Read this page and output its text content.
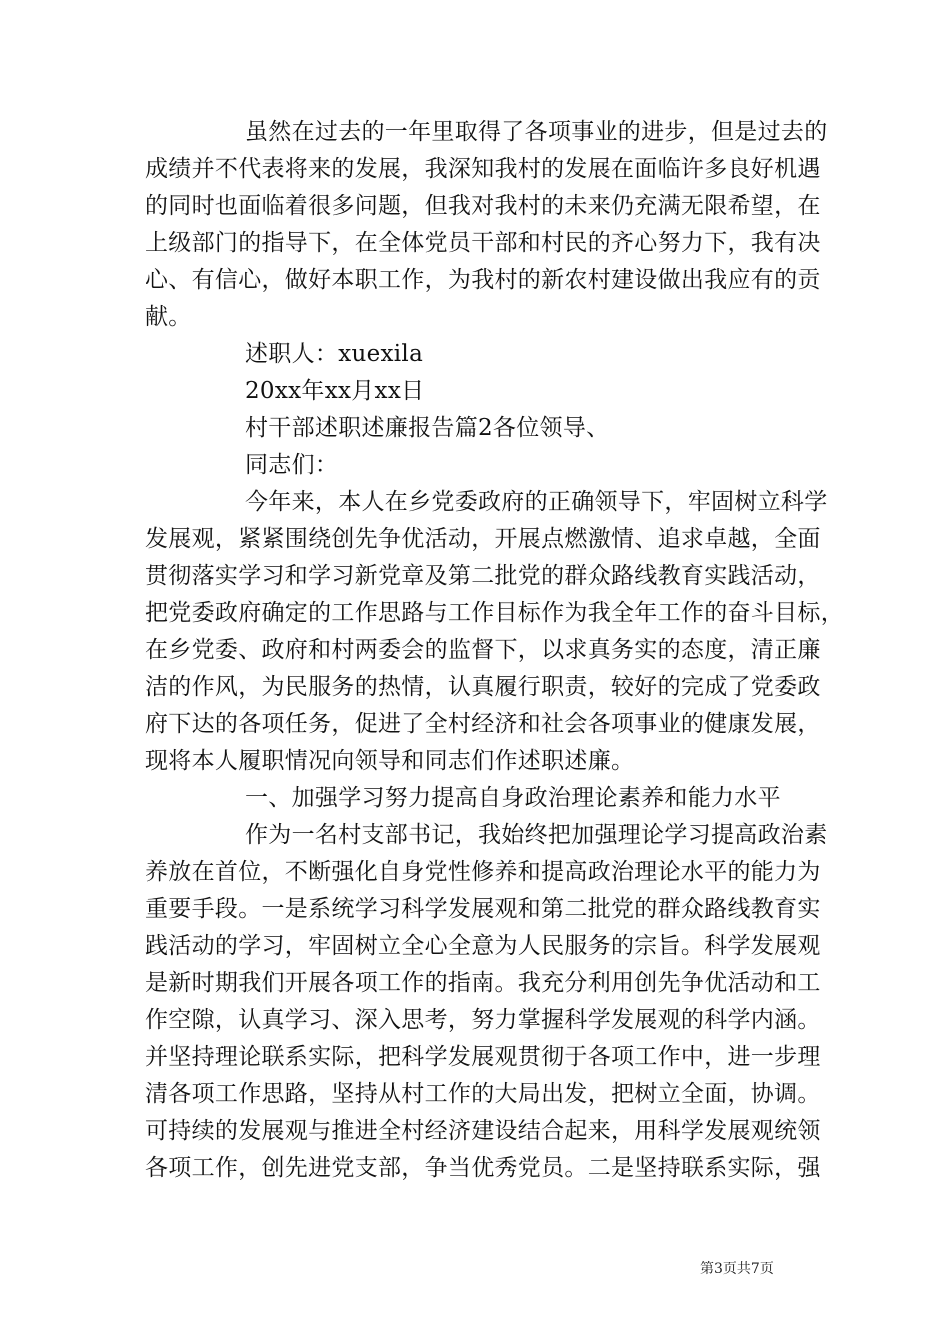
虽然在过去的一年里取得了各项事业的进步，但是过去的
成绩并不代表将来的发展，我深知我村的发展在面临许多良好机遇
的同时也面临着很多问题，但我对我村的未来仍充满无限希望，在
上级部门的指导下，在全体党员干部和村民的齐心努力下，我有决
心、有信心，做好本职工作，为我村的新农村建设做出我应有的贡
献。
述职人：xuexila
20xx年xx月xx日
村干部述职述廉报告篇2各位领导、
同志们：
今年来，本人在乡党委政府的正确领导下，牢固树立科学
发展观，紧紧围绕创先争优活动，开展点燃激情、追求卓越，全面
贯彻落实学习和学习新党章及第二批党的群众路线教育实践活动，
把党委政府确定的工作思路与工作目标作为我全年工作的奋斗目标，
在乡党委、政府和村两委会的监督下，以求真务实的态度，清正廉
洁的作风，为民服务的热情，认真履行职责，较好的完成了党委政
府下达的各项任务，促进了全村经济和社会各项事业的健康发展，
现将本人履职情况向领导和同志们作述职述廉。
一、加强学习努力提高自身政治理论素养和能力水平
作为一名村支部书记，我始终把加强理论学习提高政治素
养放在首位，不断强化自身党性修养和提高政治理论水平的能力为
重要手段。一是系统学习科学发展观和第二批党的群众路线教育实
践活动的学习，牢固树立全心全意为人民服务的宗旨。科学发展观
是新时期我们开展各项工作的指南。我充分利用创先争优活动和工
作空隙，认真学习、深入思考，努力掌握科学发展观的科学内涵。
并坚持理论联系实际，把科学发展观贯彻于各项工作中，进一步理
清各项工作思路，坚持从村工作的大局出发，把树立全面，协调。
可持续的发展观与推进全村经济建设结合起来，用科学发展观统领
各项工作，创先进党支部，争当优秀党员。二是坚持联系实际，强
第3页共7页
